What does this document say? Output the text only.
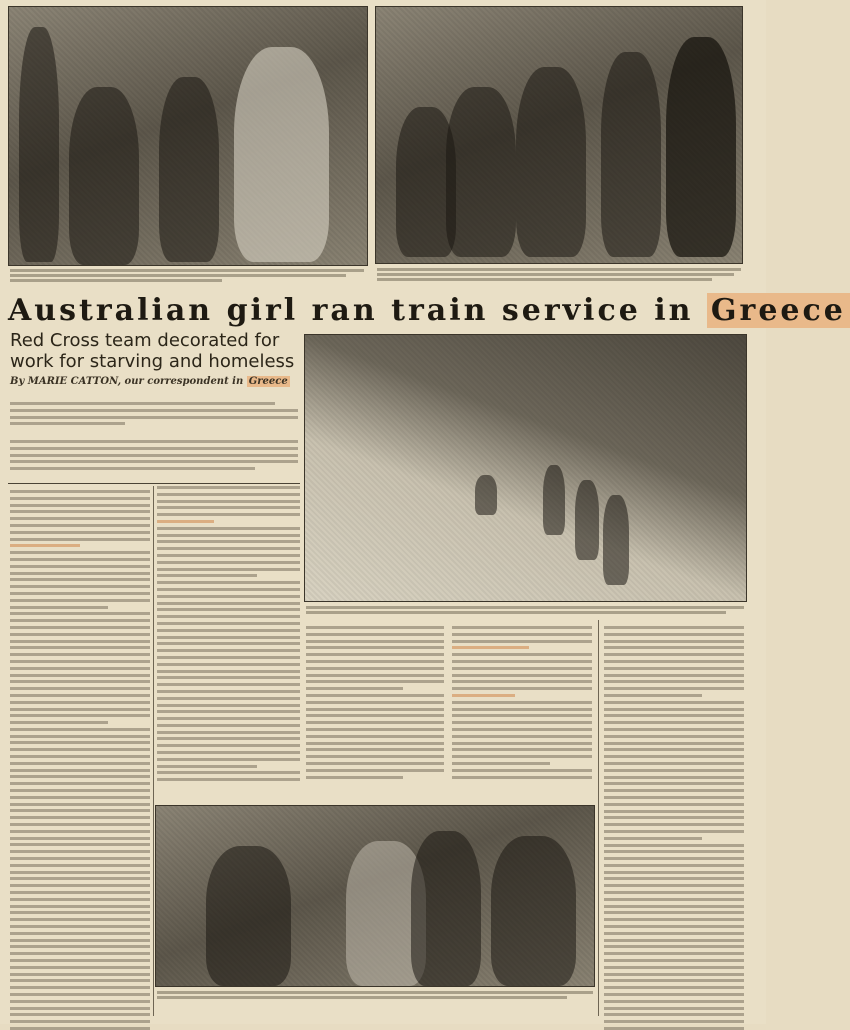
Australian girl ran train service in Greece
Red Cross team decorated for work for starving and homeless
By MARIE CATTON, our correspondent in Greece
